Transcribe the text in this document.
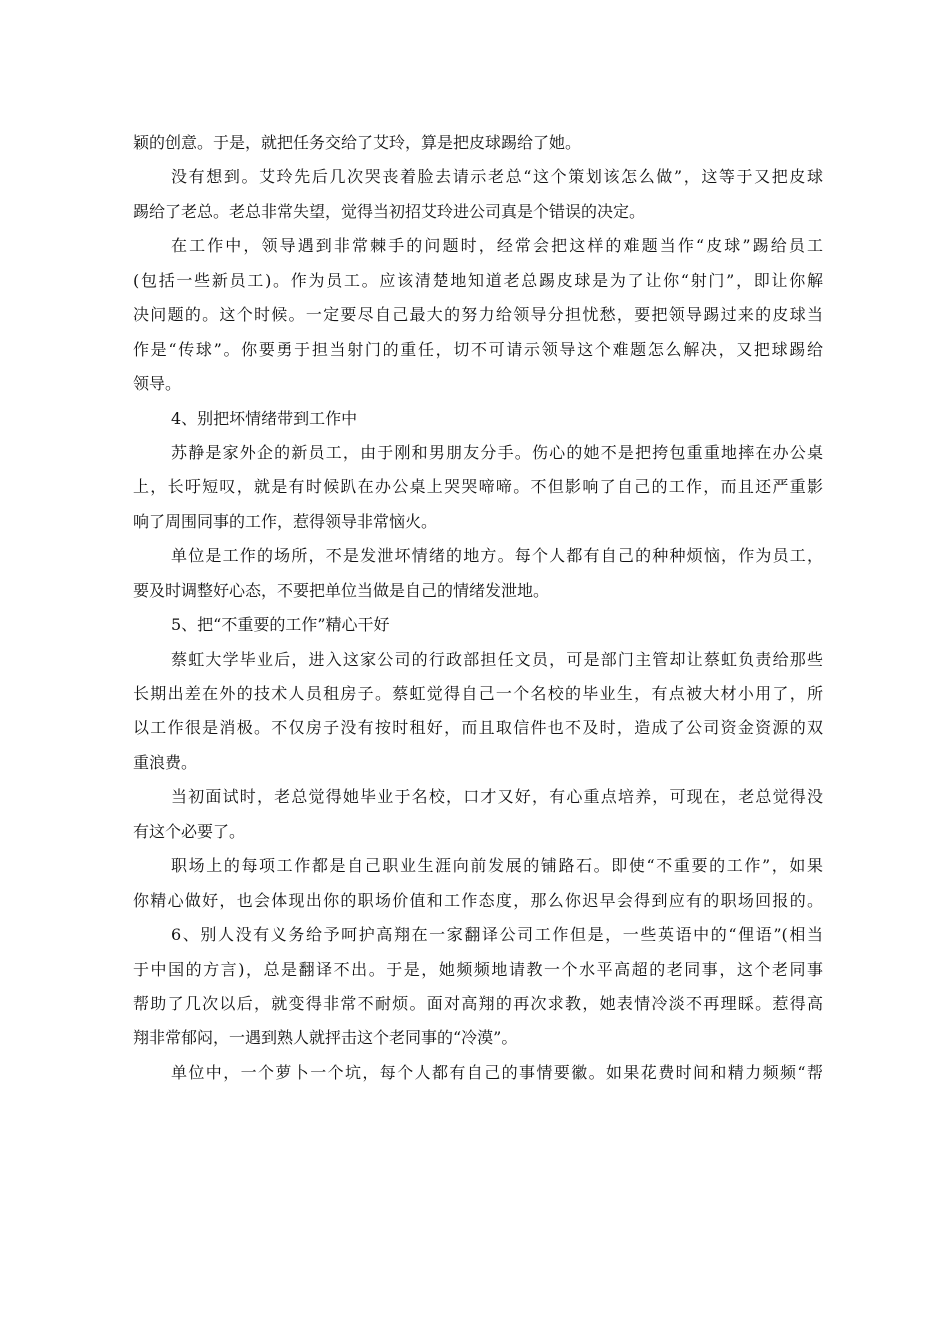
颖的创意。于是，就把任务交给了艾玲，算是把皮球踢给了她。
没有想到。艾玲先后几次哭丧着脸去请示老总“这个策划该怎么做”，这等于又把皮球
踢给了老总。老总非常失望，觉得当初招艾玲进公司真是个错误的决定。
在工作中，领导遇到非常棘手的问题时，经常会把这样的难题当作“皮球”踢给员工
(包括一些新员工)。作为员工。应该清楚地知道老总踢皮球是为了让你“射门”，即让你解
决问题的。这个时候。一定要尽自己最大的努力给领导分担忧愁，要把领导踢过来的皮球当
作是“传球”。你要勇于担当射门的重任，切不可请示领导这个难题怎么解决，又把球踢给
领导。
4、别把坏情绪带到工作中
苏静是家外企的新员工，由于刚和男朋友分手。伤心的她不是把挎包重重地摔在办公桌
上，长吁短叹，就是有时候趴在办公桌上哭哭啼啼。不但影响了自己的工作，而且还严重影
响了周围同事的工作，惹得领导非常恼火。
单位是工作的场所，不是发泄坏情绪的地方。每个人都有自己的种种烦恼，作为员工，
要及时调整好心态，不要把单位当做是自己的情绪发泄地。
5、把“不重要的工作”精心干好
蔡虹大学毕业后，进入这家公司的行政部担任文员，可是部门主管却让蔡虹负责给那些
长期出差在外的技术人员租房子。蔡虹觉得自己一个名校的毕业生，有点被大材小用了，所
以工作很是消极。不仅房子没有按时租好，而且取信件也不及时，造成了公司资金资源的双
重浪费。
当初面试时，老总觉得她毕业于名校，口才又好，有心重点培养，可现在，老总觉得没
有这个必要了。
职场上的每项工作都是自己职业生涯向前发展的铺路石。即使“不重要的工作”，如果
你精心做好，也会体现出你的职场价值和工作态度，那么你迟早会得到应有的职场回报的。
6、别人没有义务给予呵护高翔在一家翻译公司工作但是，一些英语中的“俚语”(相当
于中国的方言)，总是翻译不出。于是，她频频地请教一个水平高超的老同事，这个老同事
帮助了几次以后，就变得非常不耐烦。面对高翔的再次求教，她表情冷淡不再理睬。惹得高
翔非常郁闷，一遇到熟人就抨击这个老同事的“冷漠”。
单位中，一个萝卜一个坑，每个人都有自己的事情要徽。如果花费时间和精力频频“帮
